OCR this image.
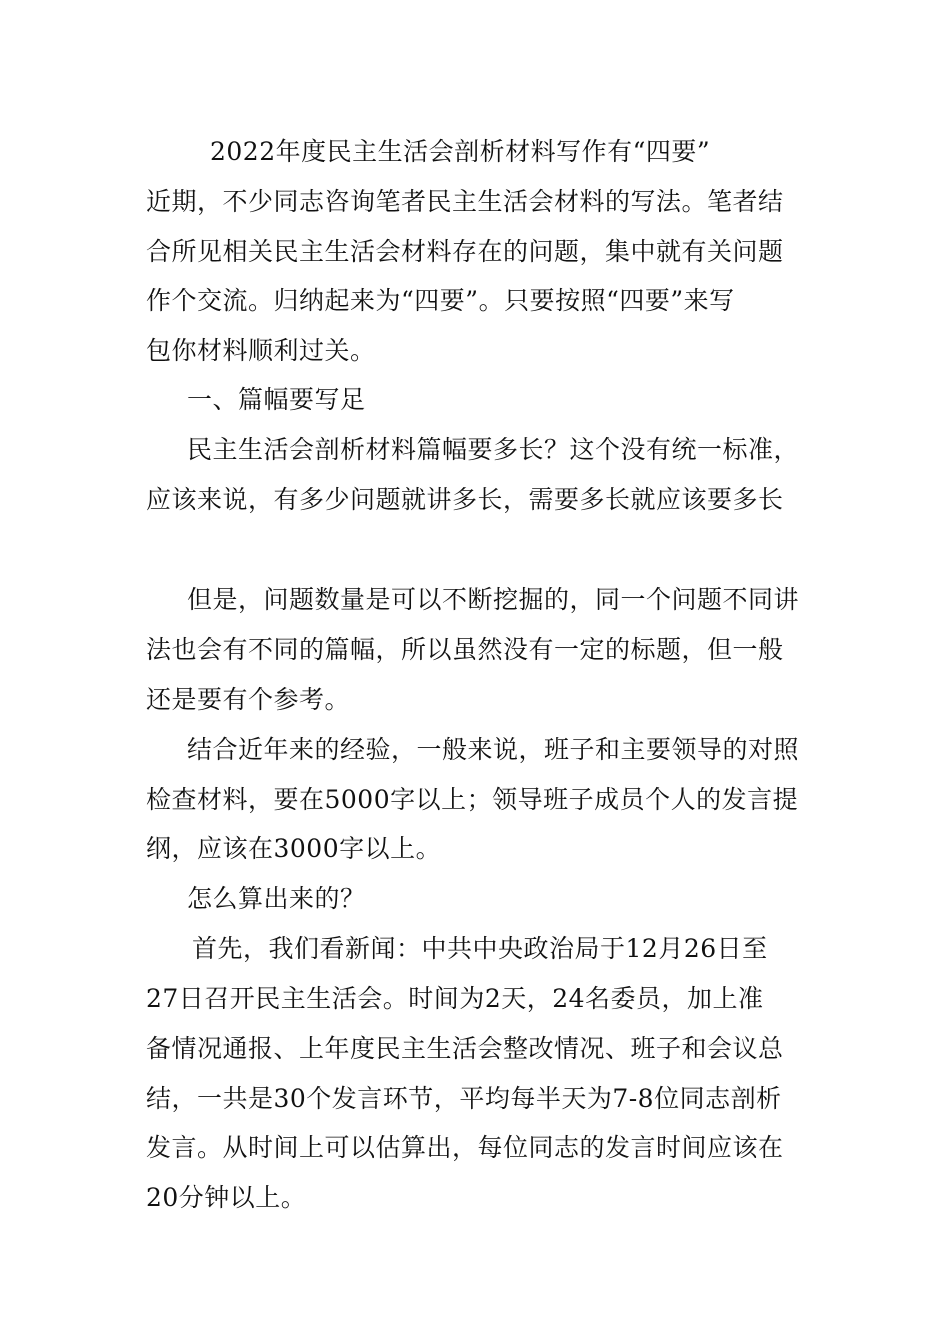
2022年度民主生活会剖析材料写作有“四要”
近期，不少同志咨询笔者民主生活会材料的写法。笔者结
合所见相关民主生活会材料存在的问题，集中就有关问题
作个交流。归纳起来为“四要”。只要按照“四要”来写
包你材料顺利过关。
一、篇幅要写足
民主生活会剖析材料篇幅要多长？这个没有统一标准，
应该来说，有多少问题就讲多长，需要多长就应该要多长
但是，问题数量是可以不断挖掘的，同一个问题不同讲
法也会有不同的篇幅，所以虽然没有一定的标题，但一般
还是要有个参考。
结合近年来的经验，一般来说，班子和主要领导的对照
检查材料，要在5000字以上；领导班子成员个人的发言提
纲，应该在3000字以上。
怎么算出来的？
首先，我们看新闻：中共中央政治局于12月26日至
27日召开民主生活会。时间为2天，24名委员，加上准
备情况通报、上年度民主生活会整改情况、班子和会议总
结，一共是30个发言环节，平均每半天为7-8位同志剖析
发言。从时间上可以估算出，每位同志的发言时间应该在
20分钟以上。
